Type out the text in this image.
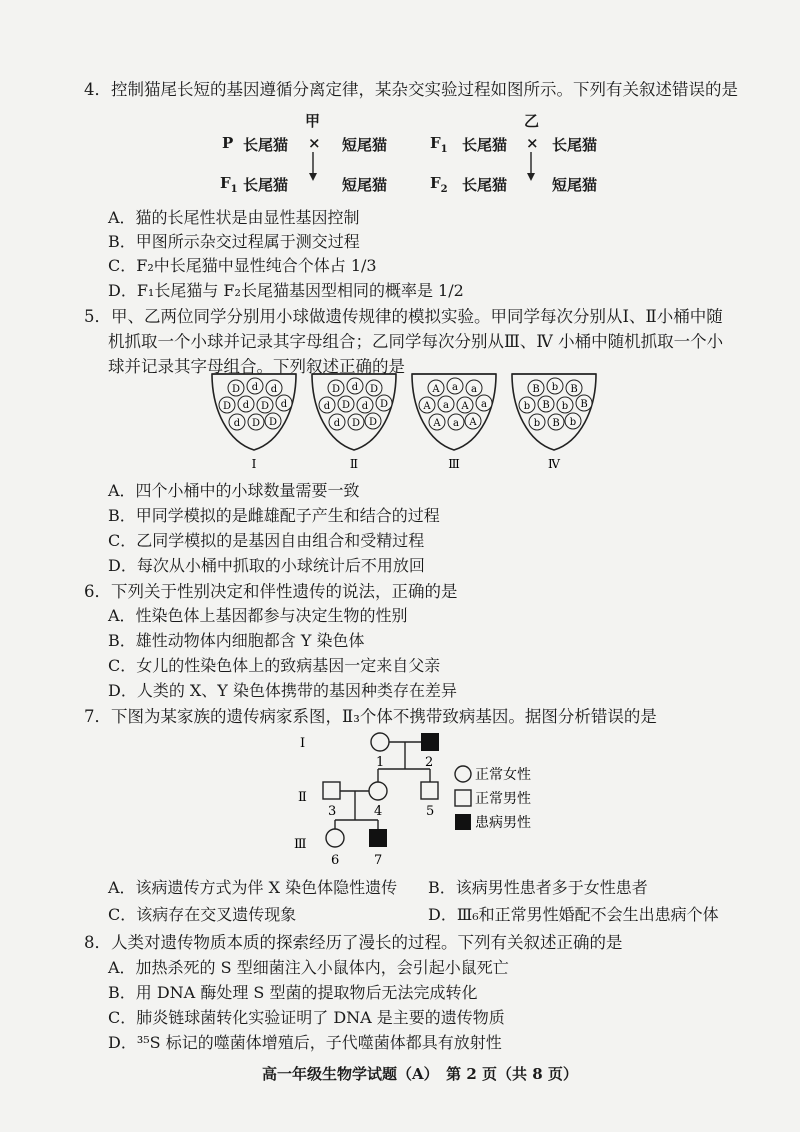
4．控制猫尾长短的基因遵循分离定律，某杂交实验过程如图所示。下列有关叙述错误的是
甲
P 长尾猫 × 短尾猫
$F_1$ 长尾猫	短尾猫
乙
$F_1$ 长尾猫 × 长尾猫
$F_2$ 长尾猫	短尾猫
A．猫的长尾性状是由显性基因控制
B．甲图所示杂交过程属于测交过程
C．F₂中长尾猫中显性纯合个体占 1/3
D．F₁长尾猫与 F₂长尾猫基因型相同的概率是 1/2
5．甲、乙两位同学分别用小球做遗传规律的模拟实验。甲同学每次分别从Ⅰ、Ⅱ小桶中随
机抓取一个小球并记录其字母组合；乙同学每次分别从Ⅲ、Ⅳ 小桶中随机抓取一个小
球并记录其字母组合。下列叙述正确的是
D d d
D d D d
d D D
Ⅰ
D d D
d D d D
d D D
Ⅱ
A a a
A a A a
A a A
Ⅲ
B b B
b B b B
b B b
Ⅳ
A．四个小桶中的小球数量需要一致
B．甲同学模拟的是雌雄配子产生和结合的过程
C．乙同学模拟的是基因自由组合和受精过程
D．每次从小桶中抓取的小球统计后不用放回
6．下列关于性别决定和伴性遗传的说法，正确的是
A．性染色体上基因都参与决定生物的性别
B．雄性动物体内细胞都含 Y 染色体
C．女儿的性染色体上的致病基因一定来自父亲
D．人类的 X、Y 染色体携带的基因种类存在差异
7．下图为某家族的遗传病家系图，Ⅱ₃个体不携带致病基因。据图分析错误的是
Ⅰ
Ⅱ
Ⅲ
1	2
3	4	5
6	7
正常女性
正常男性
患病男性
A．该病遗传方式为伴 X 染色体隐性遗传 B．该病男性患者多于女性患者
C．该病存在交叉遗传现象	D．Ⅲ₆和正常男性婚配不会生出患病个体
8．人类对遗传物质本质的探索经历了漫长的过程。下列有关叙述正确的是
A．加热杀死的 S 型细菌注入小鼠体内，会引起小鼠死亡
B．用 DNA 酶处理 S 型菌的提取物后无法完成转化
C．肺炎链球菌转化实验证明了 DNA 是主要的遗传物质
D．³⁵S 标记的噬菌体增殖后，子代噬菌体都具有放射性
高一年级生物学试题（A）　第 2 页（共 8 页）
